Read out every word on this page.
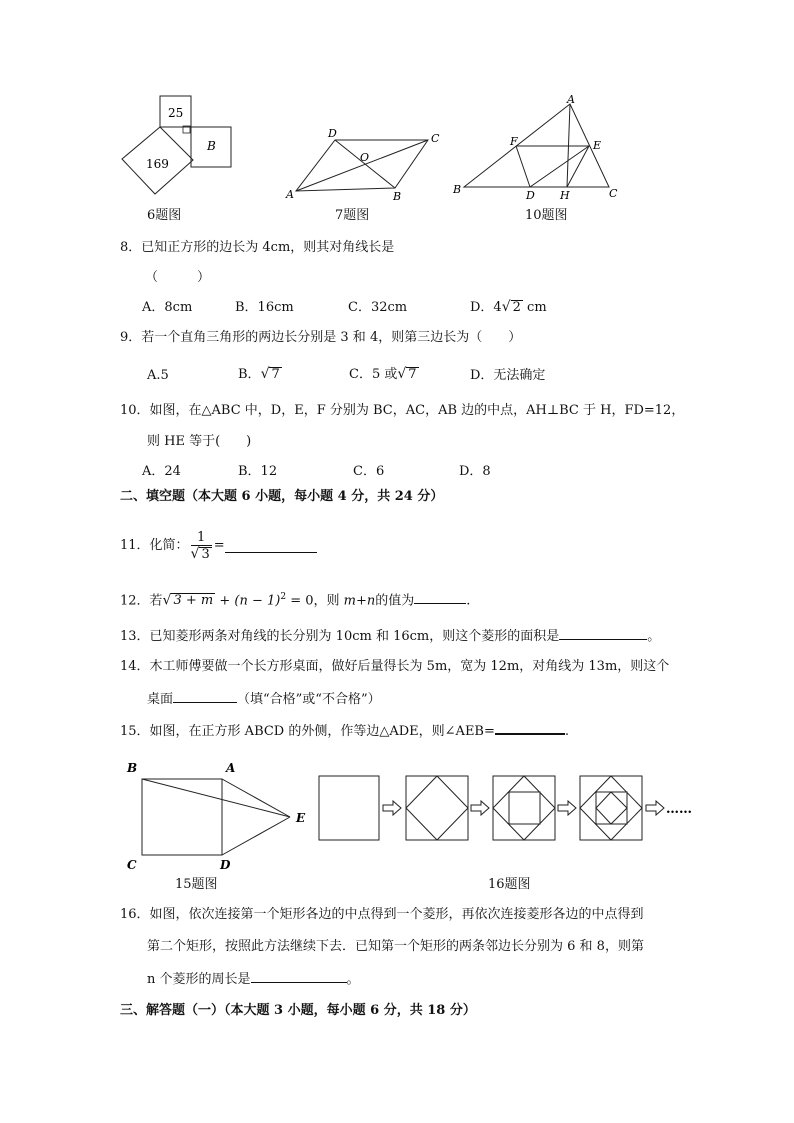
25
169
B
6题图
D	C
O
A	B
7题图
A
F	E
B	D H	C
10题图
8．已知正方形的边长为 4cm，则其对角线长是
（　　　）
A．8cm	B．16cm	C．32cm	D．4√ 2 cm
9．若一个直角三角形的两边长分别是 3 和 4，则第三边长为（　　）
A.5	B．√ 7	C．5 或√ 7	D．无法确定
10．如图，在△ABC 中，D，E，F 分别为 BC，AC，AB 边的中点，AH⊥BC 于 H，FD=12，
则 HE 等于(　　)
A．24	B．12	C．6	D．8
二、填空题（本大题 6 小题，每小题 4 分，共 24 分）
11．化简： $\frac{1}{√ 3}$ =
12．若√ $3 + m + (n - 1)^2 = 0$，则 m+n的值为	.
13．已知菱形两条对角线的长分别为 10cm 和 16cm，则这个菱形的面积是	。
14．木工师傅要做一个长方形桌面，做好后量得长为 5m，宽为 12m，对角线为 13m，则这个
桌面	（填“合格”或“不合格”）
15．如图，在正方形 ABCD 的外侧，作等边△ADE，则∠AEB=	.
B	A
E
C	D
15题图
……
16题图
16．如图，依次连接第一个矩形各边的中点得到一个菱形，再依次连接菱形各边的中点得到
第二个矩形，按照此方法继续下去．已知第一个矩形的两条邻边长分别为 6 和 8，则第
n 个菱形的周长是	。
三、解答题（一）（本大题 3 小题，每小题 6 分，共 18 分）
